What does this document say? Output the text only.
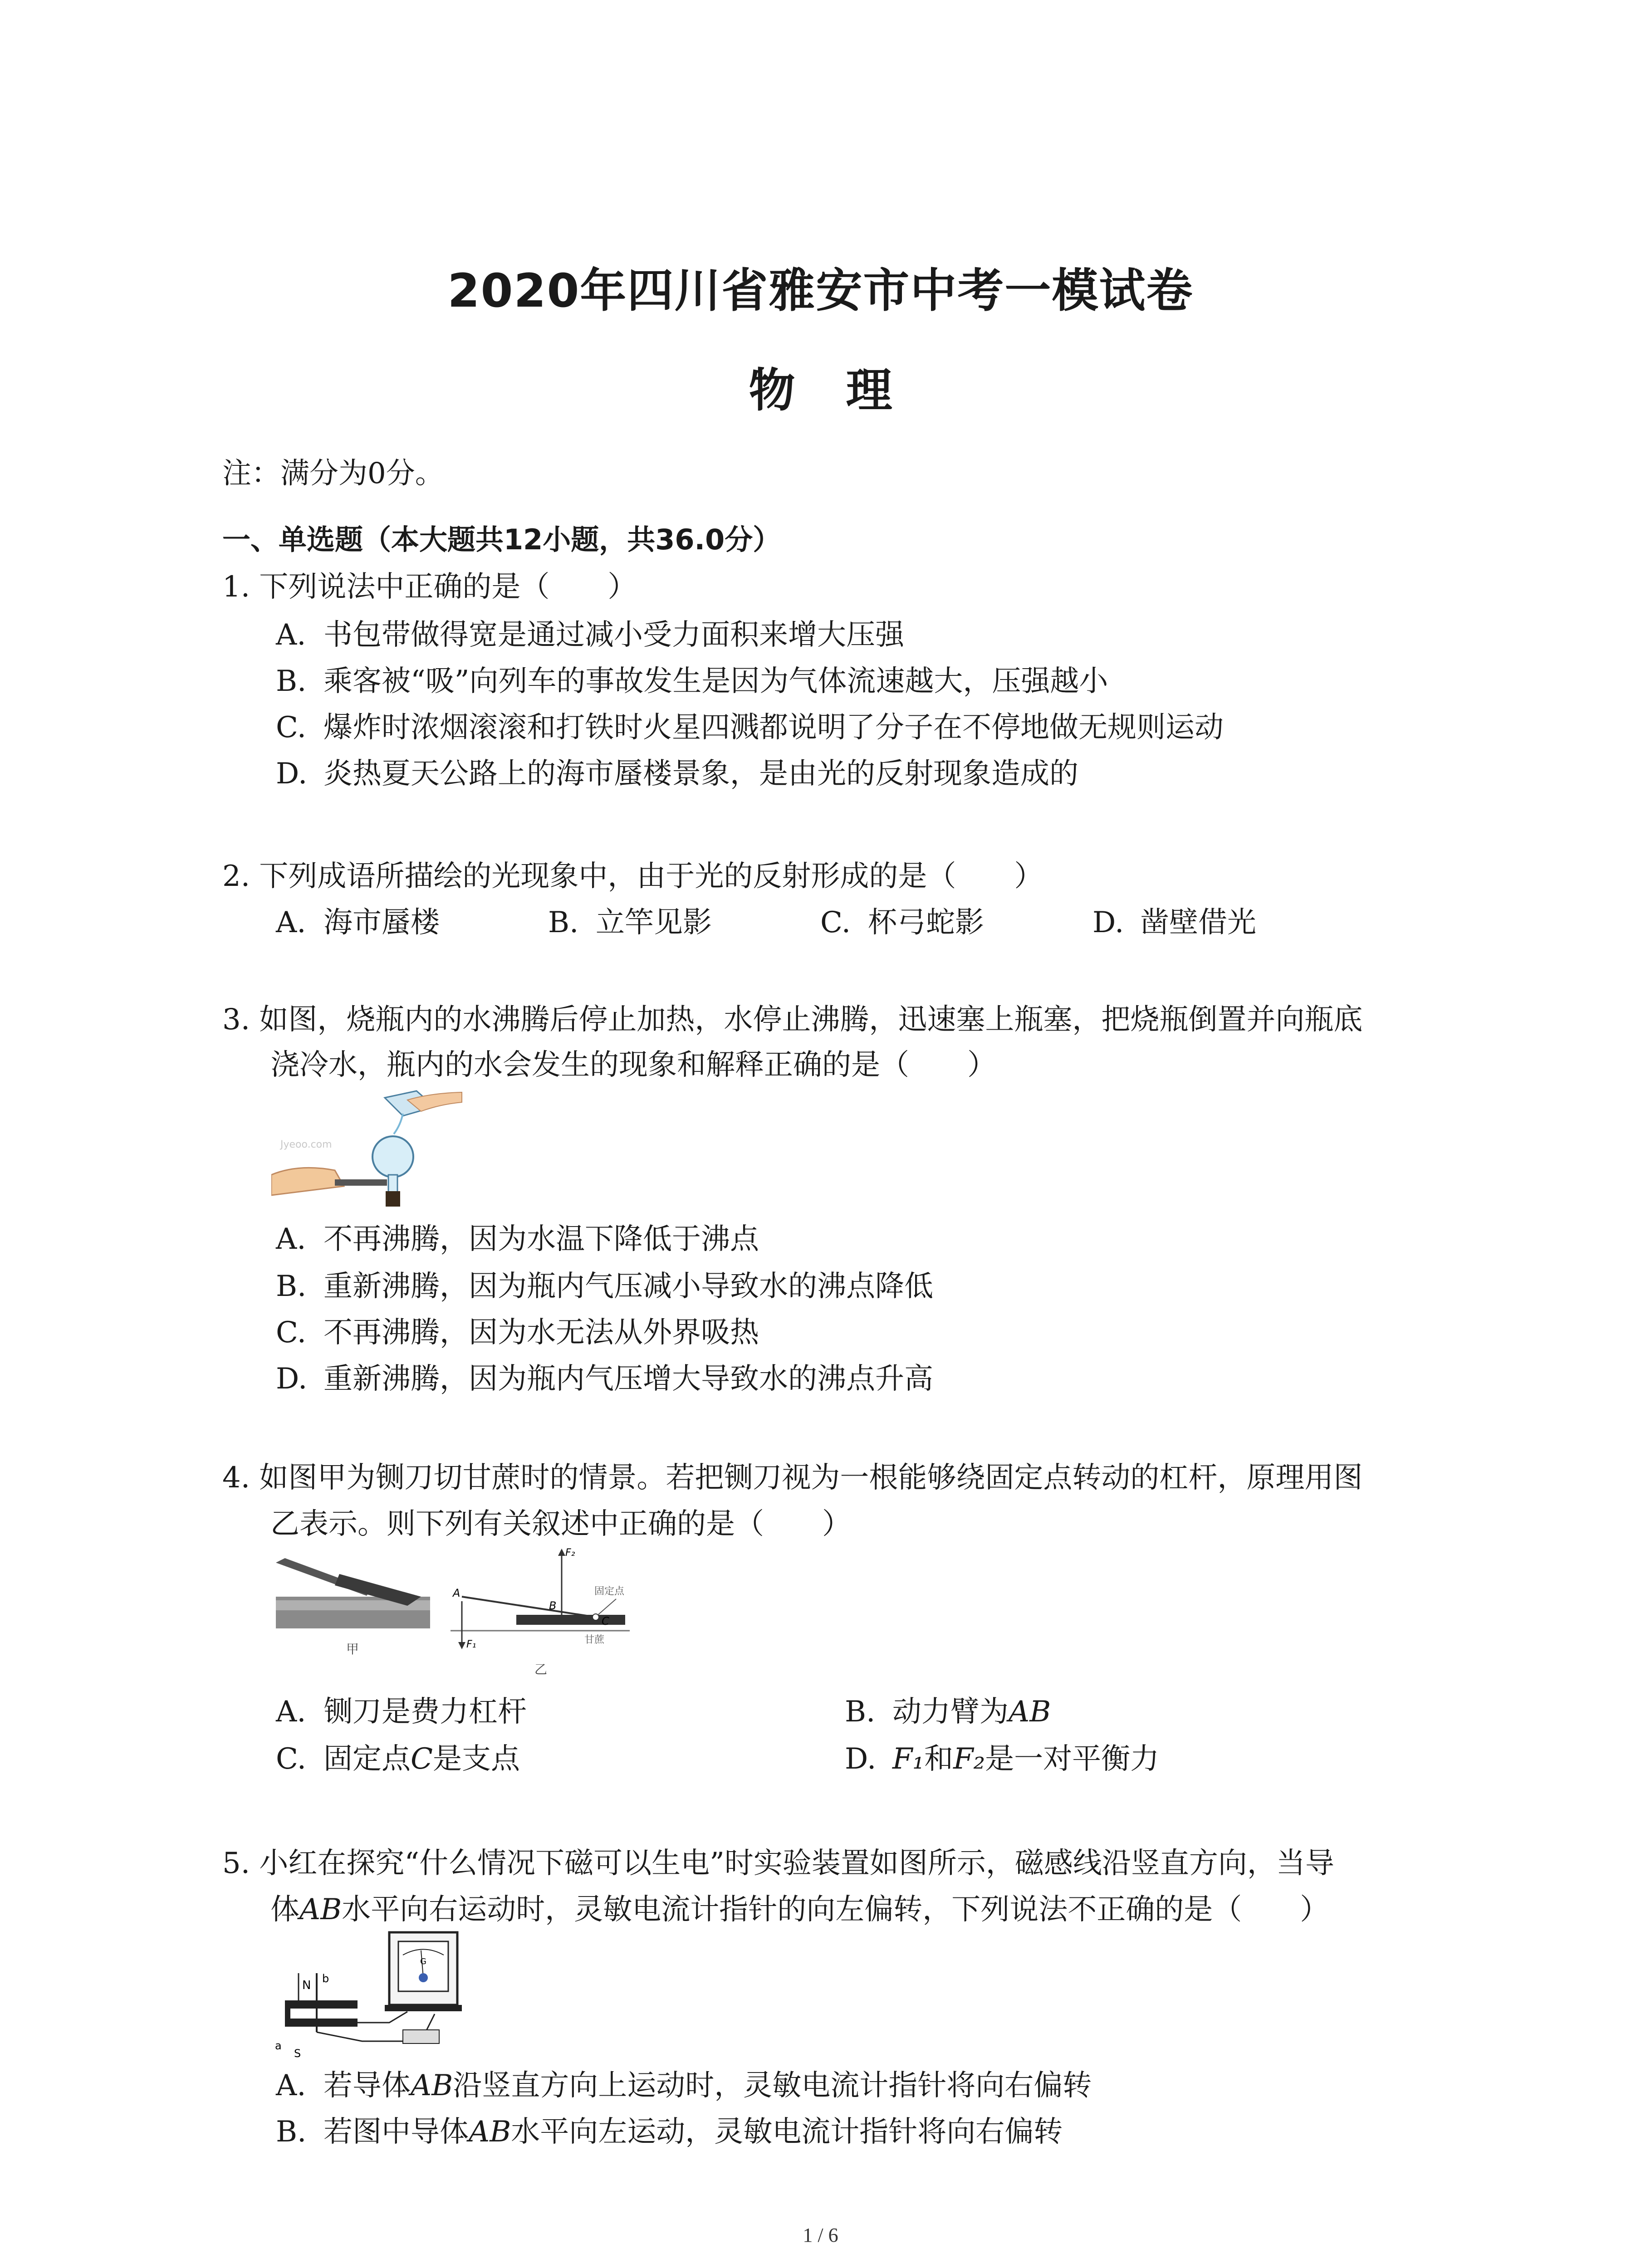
2020年四川省雅安市中考一模试卷
物 理
注：满分为0分。
一、单选题（本大题共12小题，共36.0分）
1. 下列说法中正确的是（　　）
A. 书包带做得宽是通过减小受力面积来增大压强
B. 乘客被“吸”向列车的事故发生是因为气体流速越大，压强越小
C. 爆炸时浓烟滚滚和打铁时火星四溅都说明了分子在不停地做无规则运动
D. 炎热夏天公路上的海市蜃楼景象，是由光的反射现象造成的
2. 下列成语所描绘的光现象中，由于光的反射形成的是（　　）
A. 海市蜃楼	B. 立竿见影	C. 杯弓蛇影	D. 凿壁借光
3. 如图，烧瓶内的水沸腾后停止加热，水停止沸腾，迅速塞上瓶塞，把烧瓶倒置并向瓶底
浇冷水，瓶内的水会发生的现象和解释正确的是（　　）
Jyeoo.com
A. 不再沸腾，因为水温下降低于沸点
B. 重新沸腾，因为瓶内气压减小导致水的沸点降低
C. 不再沸腾，因为水无法从外界吸热
D. 重新沸腾，因为瓶内气压增大导致水的沸点升高
4. 如图甲为铡刀切甘蔗时的情景。若把铡刀视为一根能够绕固定点转动的杠杆，原理用图
乙表示。则下列有关叙述中正确的是（　　）
甲
A
B
C
F₂
F₁
固定点
甘蔗
乙
A. 铡刀是费力杠杆	B. 动力臂为AB
C. 固定点C是支点	D. F₁和F₂是一对平衡力
5. 小红在探究“什么情况下磁可以生电”时实验装置如图所示，磁感线沿竖直方向，当导
体AB水平向右运动时，灵敏电流计指针的向左偏转，下列说法不正确的是（　　）
G
N b
a
S
A. 若导体AB沿竖直方向上运动时，灵敏电流计指针将向右偏转
B. 若图中导体AB水平向左运动，灵敏电流计指针将向右偏转
1 / 6
